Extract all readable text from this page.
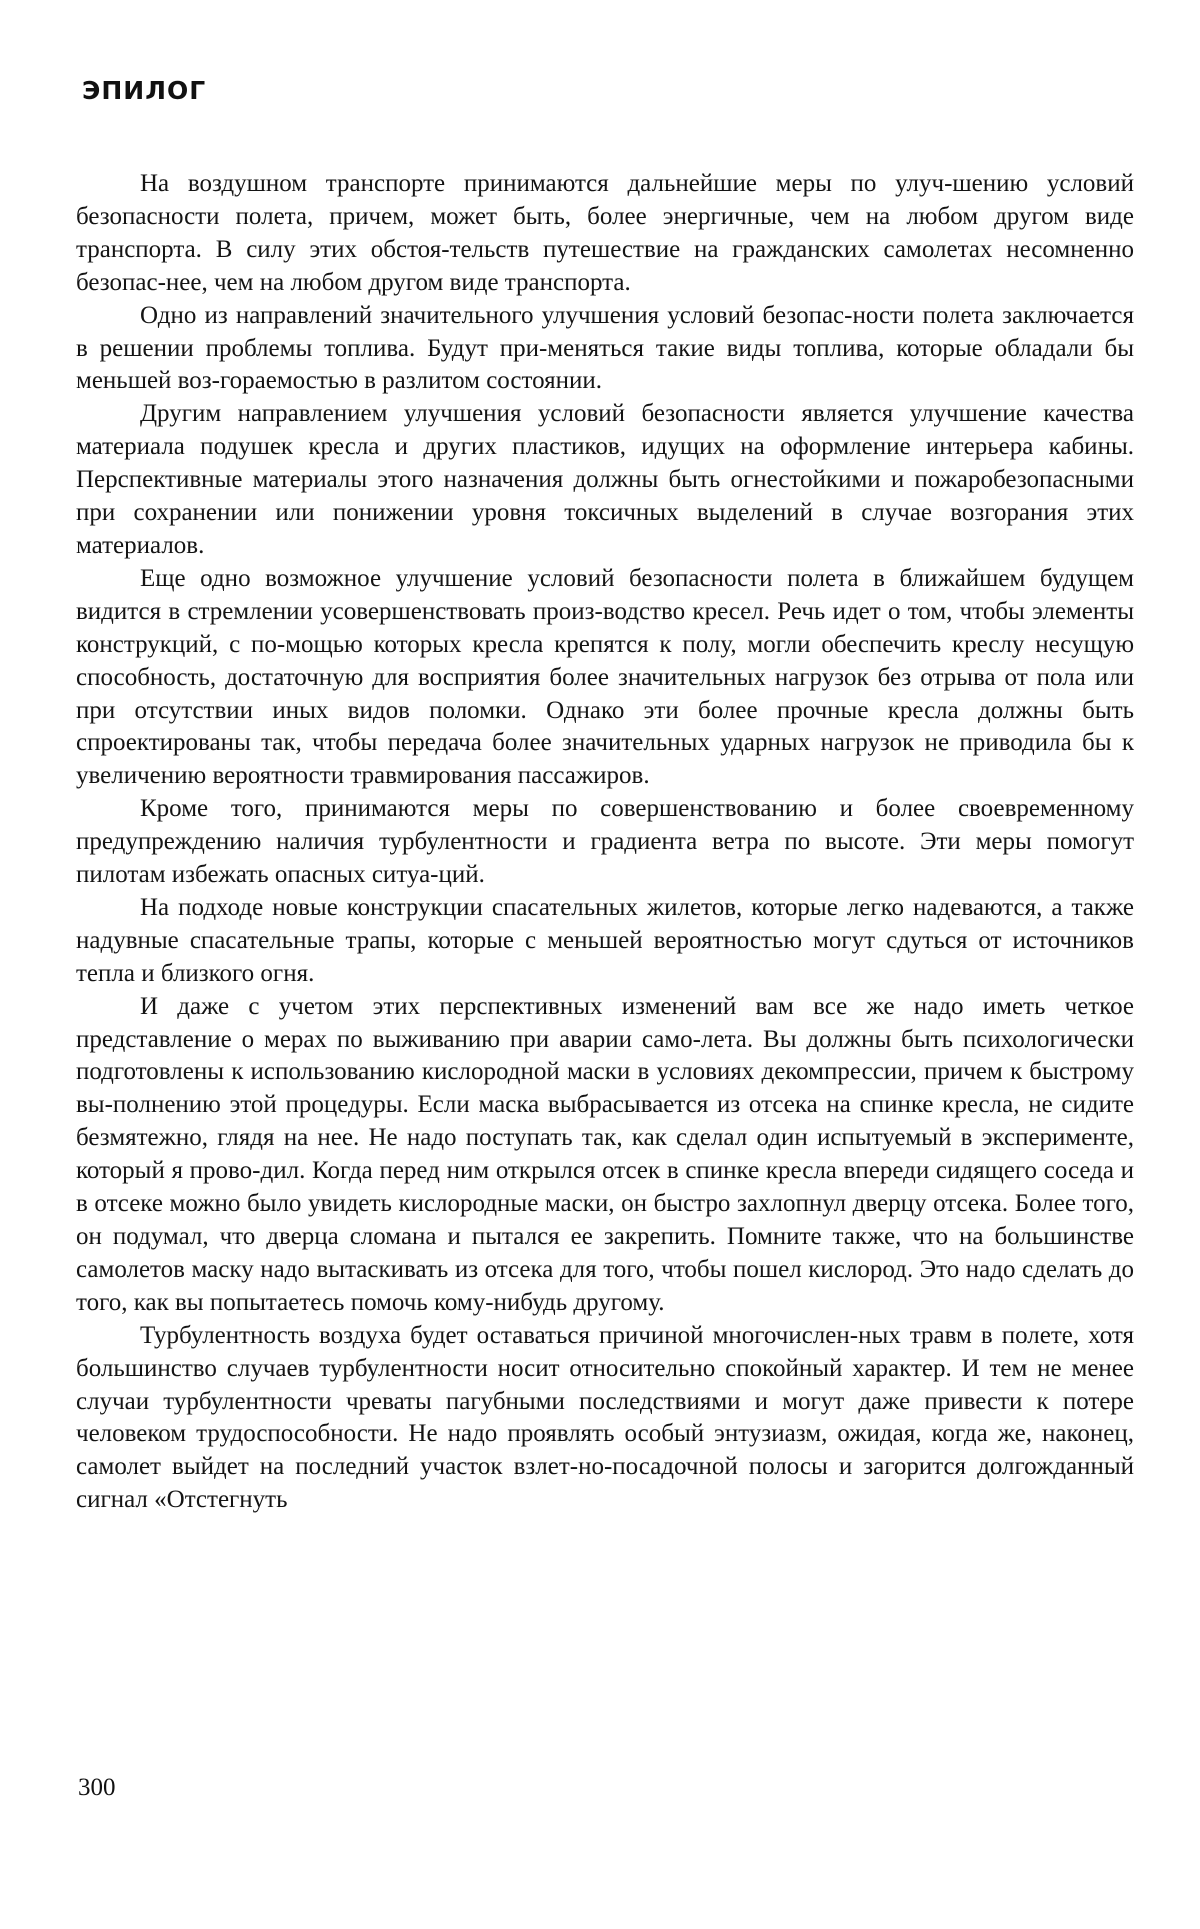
ЭПИЛОГ

На воздушном транспорте принимаются дальнейшие меры по улуч-шению условий безопасности полета, причем, может быть, более энергичные, чем на любом другом виде транспорта. В силу этих обстоя-тельств путешествие на гражданских самолетах несомненно безопас-нее, чем на любом другом виде транспорта.

Одно из направлений значительного улучшения условий безопас-ности полета заключается в решении проблемы топлива. Будут при-меняться такие виды топлива, которые обладали бы меньшей воз-гораемостью в разлитом состоянии.

Другим направлением улучшения условий безопасности является улучшение качества материала подушек кресла и других пластиков, идущих на оформление интерьера кабины. Перспективные материалы этого назначения должны быть огнестойкими и пожаробезопасными при сохранении или понижении уровня токсичных выделений в случае возгорания этих материалов.

Еще одно возможное улучшение условий безопасности полета в ближайшем будущем видится в стремлении усовершенствовать произ-водство кресел. Речь идет о том, чтобы элементы конструкций, с по-мощью которых кресла крепятся к полу, могли обеспечить креслу несущую способность, достаточную для восприятия более значительных нагрузок без отрыва от пола или при отсутствии иных видов поломки. Однако эти более прочные кресла должны быть спроектированы так, чтобы передача более значительных ударных нагрузок не приводила бы к увеличению вероятности травмирования пассажиров.

Кроме того, принимаются меры по совершенствованию и более своевременному предупреждению наличия турбулентности и градиента ветра по высоте. Эти меры помогут пилотам избежать опасных ситуа-ций.

На подходе новые конструкции спасательных жилетов, которые легко надеваются, а также надувные спасательные трапы, которые с меньшей вероятностью могут сдуться от источников тепла и близкого огня.

И даже с учетом этих перспективных изменений вам все же надо иметь четкое представление о мерах по выживанию при аварии само-лета. Вы должны быть психологически подготовлены к использованию кислородной маски в условиях декомпрессии, причем к быстрому вы-полнению этой процедуры. Если маска выбрасывается из отсека на спинке кресла, не сидите безмятежно, глядя на нее. Не надо поступать так, как сделал один испытуемый в эксперименте, который я прово-дил. Когда перед ним открылся отсек в спинке кресла впереди сидящего соседа и в отсеке можно было увидеть кислородные маски, он быстро захлопнул дверцу отсека. Более того, он подумал, что дверца сломана и пытался ее закрепить. Помните также, что на большинстве самолетов маску надо вытаскивать из отсека для того, чтобы пошел кислород. Это надо сделать до того, как вы попытаетесь помочь кому-нибудь другому.

Турбулентность воздуха будет оставаться причиной многочислен-ных травм в полете, хотя большинство случаев турбулентности носит относительно спокойный характер. И тем не менее случаи турбулентности чреваты пагубными последствиями и могут даже привести к потере человеком трудоспособности. Не надо проявлять особый энтузиазм, ожидая, когда же, наконец, самолет выйдет на последний участок взлет-но-посадочной полосы и загорится долгожданный сигнал «Отстегнуть

300
